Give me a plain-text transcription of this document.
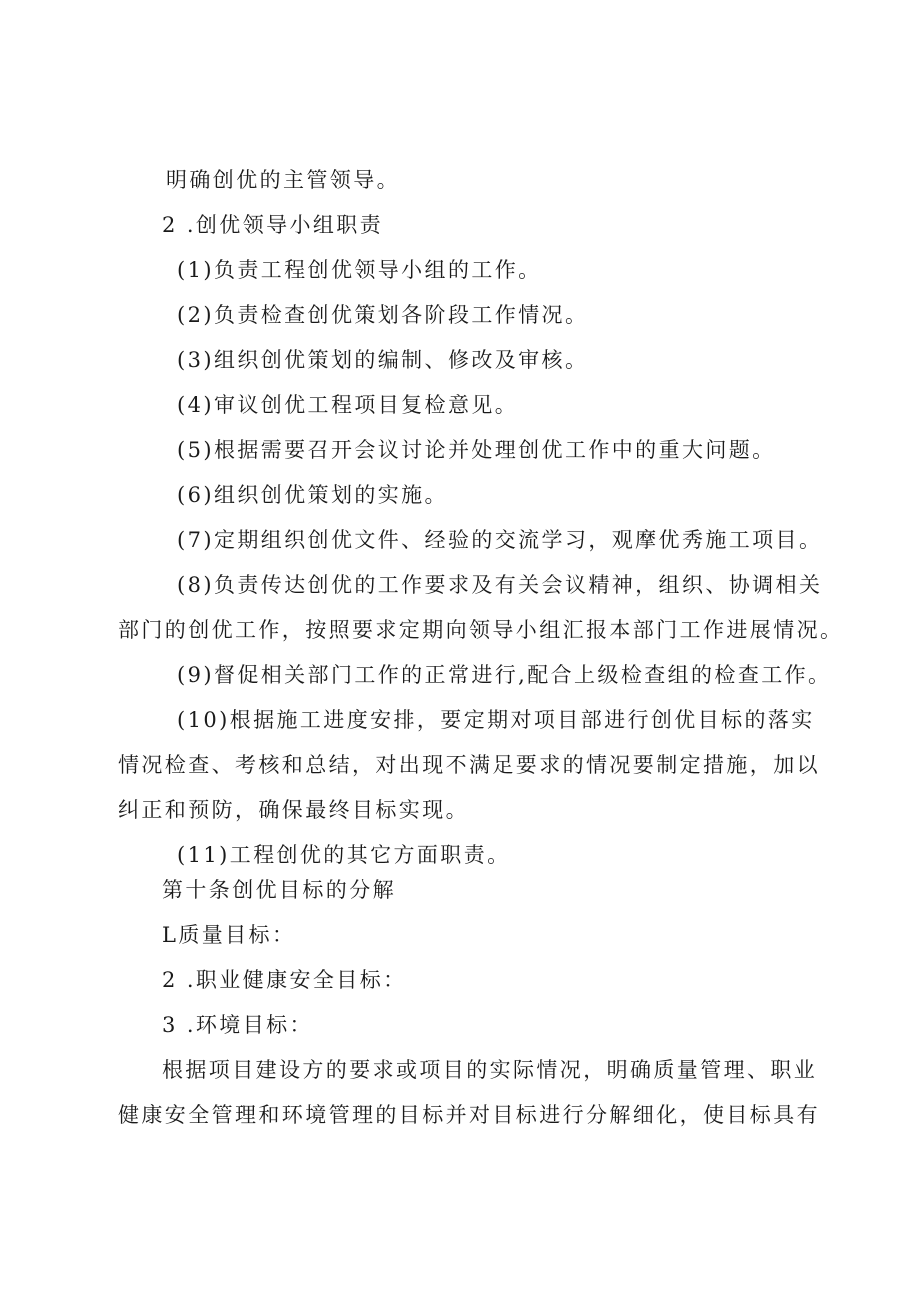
明确创优的主管领导。
2 .创优领导小组职责
(1)负责工程创优领导小组的工作。
(2)负责检查创优策划各阶段工作情况。
(3)组织创优策划的编制、修改及审核。
(4)审议创优工程项目复检意见。
(5)根据需要召开会议讨论并处理创优工作中的重大问题。
(6)组织创优策划的实施。
(7)定期组织创优文件、经验的交流学习，观摩优秀施工项目。
(8)负责传达创优的工作要求及有关会议精神，组织、协调相关
部门的创优工作，按照要求定期向领导小组汇报本部门工作进展情况。
(9)督促相关部门工作的正常进行,配合上级检查组的检查工作。
(10)根据施工进度安排，要定期对项目部进行创优目标的落实
情况检查、考核和总结，对出现不满足要求的情况要制定措施，加以
纠正和预防，确保最终目标实现。
(11)工程创优的其它方面职责。
第十条创优目标的分解
L质量目标：
2 .职业健康安全目标：
3 .环境目标：
根据项目建设方的要求或项目的实际情况，明确质量管理、职业
健康安全管理和环境管理的目标并对目标进行分解细化，使目标具有
